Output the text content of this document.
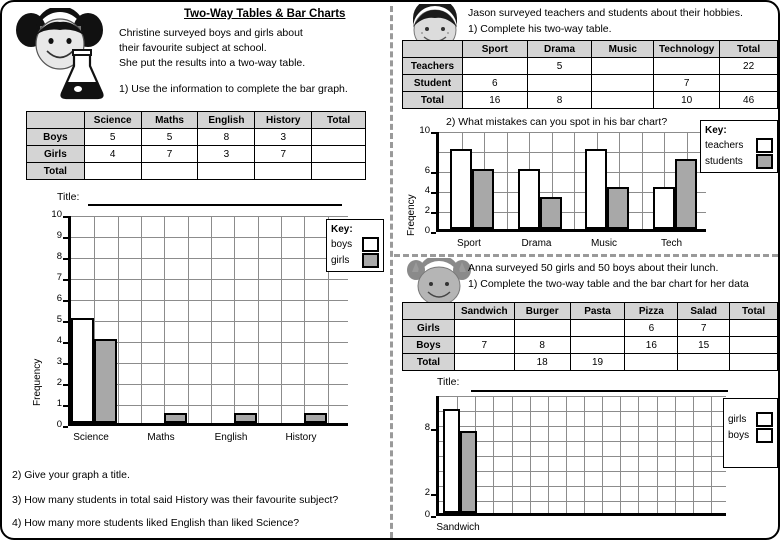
Two-Way Tables & Bar Charts
Christine surveyed boys and girls about
their favourite subject at school.
She put the results into a two-way table.
1) Use the information to complete the bar graph.
	Science	Maths	English	History	Total
Boys	5	5	8	3	
Girls	4	7	3	7	
Total					
Title:
Frequency
0
1
2
3
4
5
6
7
8
9
10
Science	Maths	English	History
Key:
boys
girls
2) Give your graph a title.
3) How many students in total said History was their favourite subject?
4) How many more students liked English than liked Science?
Jason surveyed teachers and students about their hobbies.
1) Complete his two-way table.
	Sport	Drama	Music	Technology	Total
Teachers		5			22
Student	6			7	
Total	16	8		10	46
2) What mistakes can you spot in his bar chart?
Freqency 0
2
4
6
10
Sport	Drama	Music	Tech
Key:
teachers
students
Anna surveyed 50 girls and 50 boys about their lunch.
1) Complete the two-way table and the bar chart for her data
	Sandwich	Burger	Pasta	Pizza	Salad	Total
Girls				6	7	
Boys	7	8		16	15	
Total		18	19			
Title:
0
2
8
Sandwich
girls
boys
